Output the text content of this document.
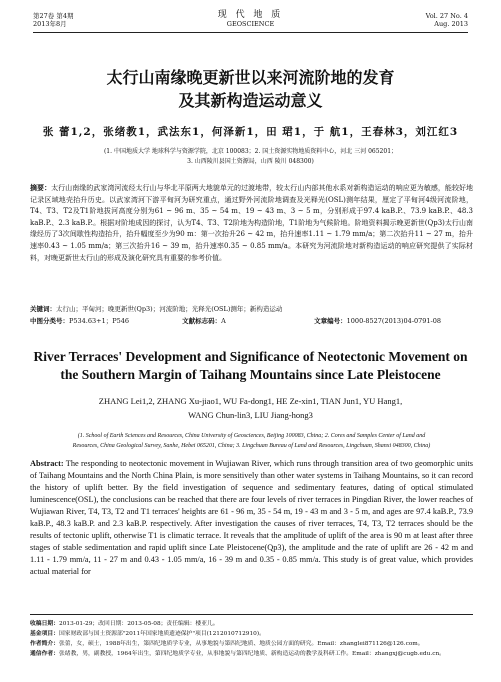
第27卷 第4期
2013年8月
现 代 地 质
GEOSCIENCE
Vol. 27 No. 4
Aug. 2013
太行山南缘晚更新世以来河流阶地的发育
及其新构造运动意义
张 蕾1,2，张绪教1，武法东1，何泽新1，田 珺1，于 航1，王春林3，刘江红3
(1. 中国地质大学 地球科学与资源学院，北京 100083；2. 国土资源实物地质资料中心，河北 三河 065201；
3. 山西陵川县国土资源局，山西 陵川 048300)
摘要：太行山南缘的武家湾河流经太行山与华北平原两大地貌单元的过渡地带，较太行山内部其他水系对新构造运动的响应更为敏感，能较好地记录区域地壳抬升历史。以武家湾河下游平甸河为研究重点，通过野外河流阶地调查及光释光(OSL)测年结果，厘定了平甸河4级河流阶地，T4、T3、T2及T1阶地拔河高度分别为61 ~ 96 m、35 ~ 54 m、19 ~ 43 m、3 ~ 5 m，分别形成于97.4 kaB.P.、73.9 kaB.P.、48.3 kaB.P.、2.3 kaB.P.。根据对阶地成因的探讨，认为T4、T3、T2阶地为构造阶地，T1阶地为气候阶地。阶地资料揭示晚更新世(Qp3)太行山南缘经历了3次间歇性构造抬升，抬升幅度至少为90 m：第一次抬升26 ~ 42 m，抬升速率1.11 ~ 1.79 mm/a；第二次抬升11 ~ 27 m，抬升速率0.43 ~ 1.05 mm/a；第三次抬升16 ~ 39 m，抬升速率0.35 ~ 0.85 mm/a。本研究为河流阶地对新构造运动的响应研究提供了实际材料，对晚更新世太行山的形成及演化研究具有重要的参考价值。
关键词：太行山；平甸河；晚更新世(Qp3)；河流阶地；光释光(OSL)测年；新构造运动
中图分类号：P534.63+1；P546	文献标志码：A	文章编号：1000-8527(2013)04-0791-08
River Terraces' Development and Significance of Neotectonic Movement on
the Southern Margin of Taihang Mountains since Late Pleistocene
ZHANG Lei1,2, ZHANG Xu-jiao1, WU Fa-dong1, HE Ze-xin1, TIAN Jun1, YU Hang1,
WANG Chun-lin3, LIU Jiang-hong3
(1. School of Earth Sciences and Resources, China University of Geosciences, Beijing 100083, China; 2. Cores and Samples Center of Land and
Resources, China Geological Survey, Sanhe, Hebei 065201, China; 3. Lingchuan Bureau of Land and Resources, Lingchuan, Shanxi 048300, China)
Abstract: The responding to neotectonic movement in Wujiawan River, which runs through transition area of two geomorphic units of Taihang Mountains and the North China Plain, is more sensitively than other water systems in Taihang Mountains, so it can record the history of uplift better. By the field investigation of sequence and sedimentary features, dating of optical stimulated luminescence(OSL), the conclusions can be reached that there are four levels of river terraces in Pingdian River, the lower reaches of Wujiawan River, T4, T3, T2 and T1 terraces' heights are 61 - 96 m, 35 - 54 m, 19 - 43 m and 3 - 5 m, and ages are 97.4 kaB.P., 73.9 kaB.P., 48.3 kaB.P. and 2.3 kaB.P. respectively. After investigation the causes of river terraces, T4, T3, T2 terraces should be the results of tectonic uplift, otherwise T1 is climatic terrace. It reveals that the amplitude of uplift of the area is 90 m at least after three stages of stable sedimentation and rapid uplift since Late Pleistocene(Qp3), the amplitude and the rate of uplift are 26 - 42 m and 1.11 - 1.79 mm/a, 11 - 27 m and 0.43 - 1.05 mm/a, 16 - 39 m and 0.35 - 0.85 mm/a. This study is of great value, which provides actual material for
收稿日期：2013-01-29；改回日期：2013-05-08；责任编辑：楼亚儿。
基金项目：国家财政部与国土资源部"2011年国家地质遗迹保护"项目(1212010712910)。
作者简介：张蕾，女，硕士，1988年出生，第四纪地质学专业，从事地貌与第四纪地质、地质公园方面的研究。Email：zhanglei871126@126.com。
通信作者：张绪教，男，副教授，1964年出生，第四纪地质学专业，从事地貌与第四纪地质、新构造运动的教学及科研工作。Email：zhangxj@cugb.edu.cn。
